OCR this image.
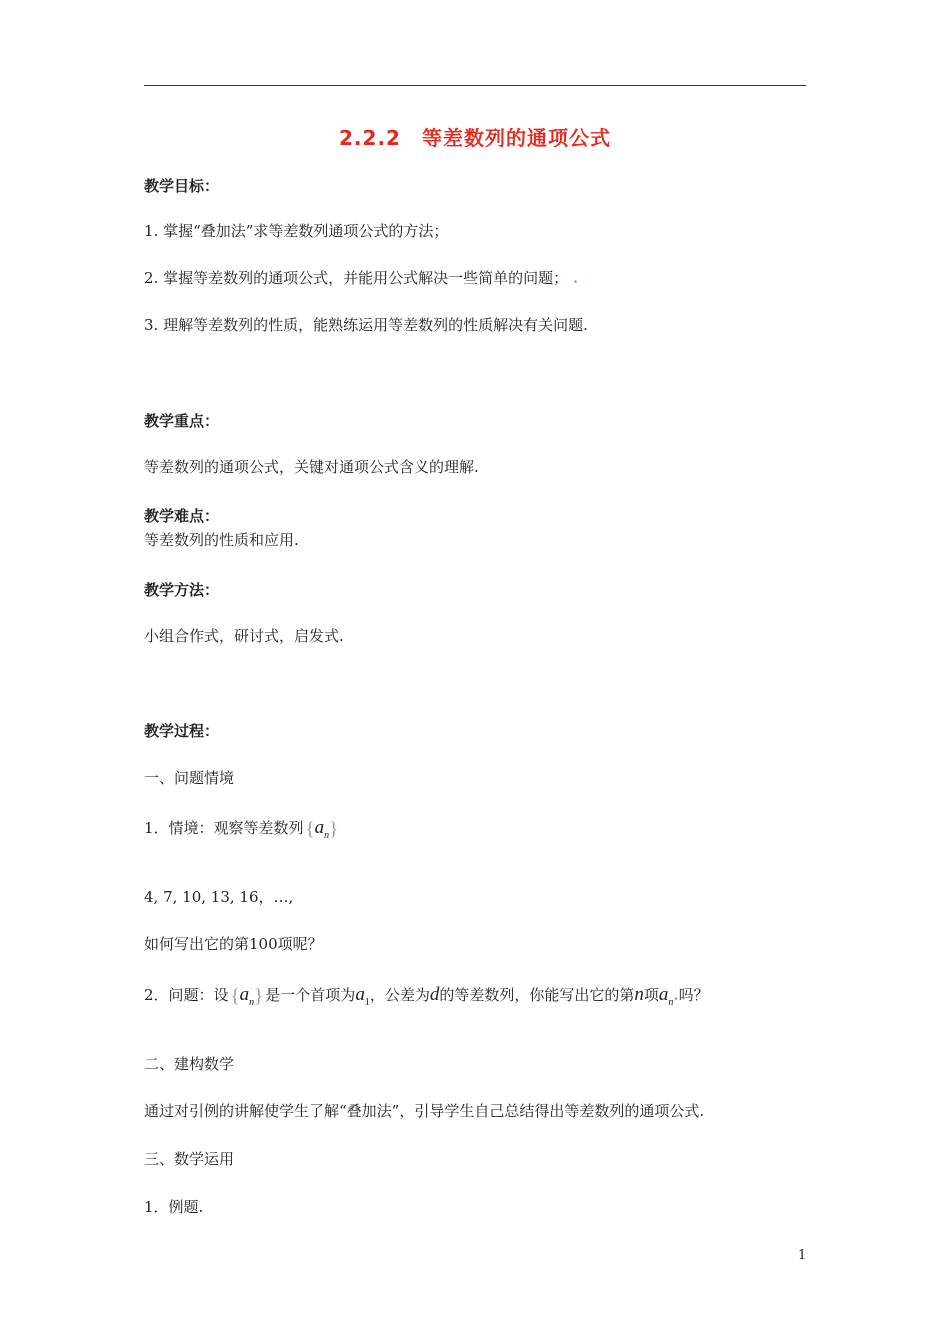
2.2.2　等差数列的通项公式
教学目标：
1. 掌握“叠加法”求等差数列通项公式的方法；
2. 掌握等差数列的通项公式，并能用公式解决一些简单的问题； .
3. 理解等差数列的性质，能熟练运用等差数列的性质解决有关问题.
教学重点：
等差数列的通项公式，关键对通项公式含义的理解.
教学难点：
等差数列的性质和应用.
教学方法：
小组合作式，研讨式，启发式.
教学过程：
一、问题情境
1．情境：观察等差数列 $\{a_n\}$
4, 7, 10, 13, 16，…,
如何写出它的第100项呢？
2．问题：设 $\{a_n\}$ 是一个首项为$a_1$，公差为d的等差数列，你能写出它的第n项$a_n$.吗？
二、建构数学
通过对引例的讲解使学生了解“叠加法”，引导学生自己总结得出等差数列的通项公式.
三、数学运用
1．例题.
1
